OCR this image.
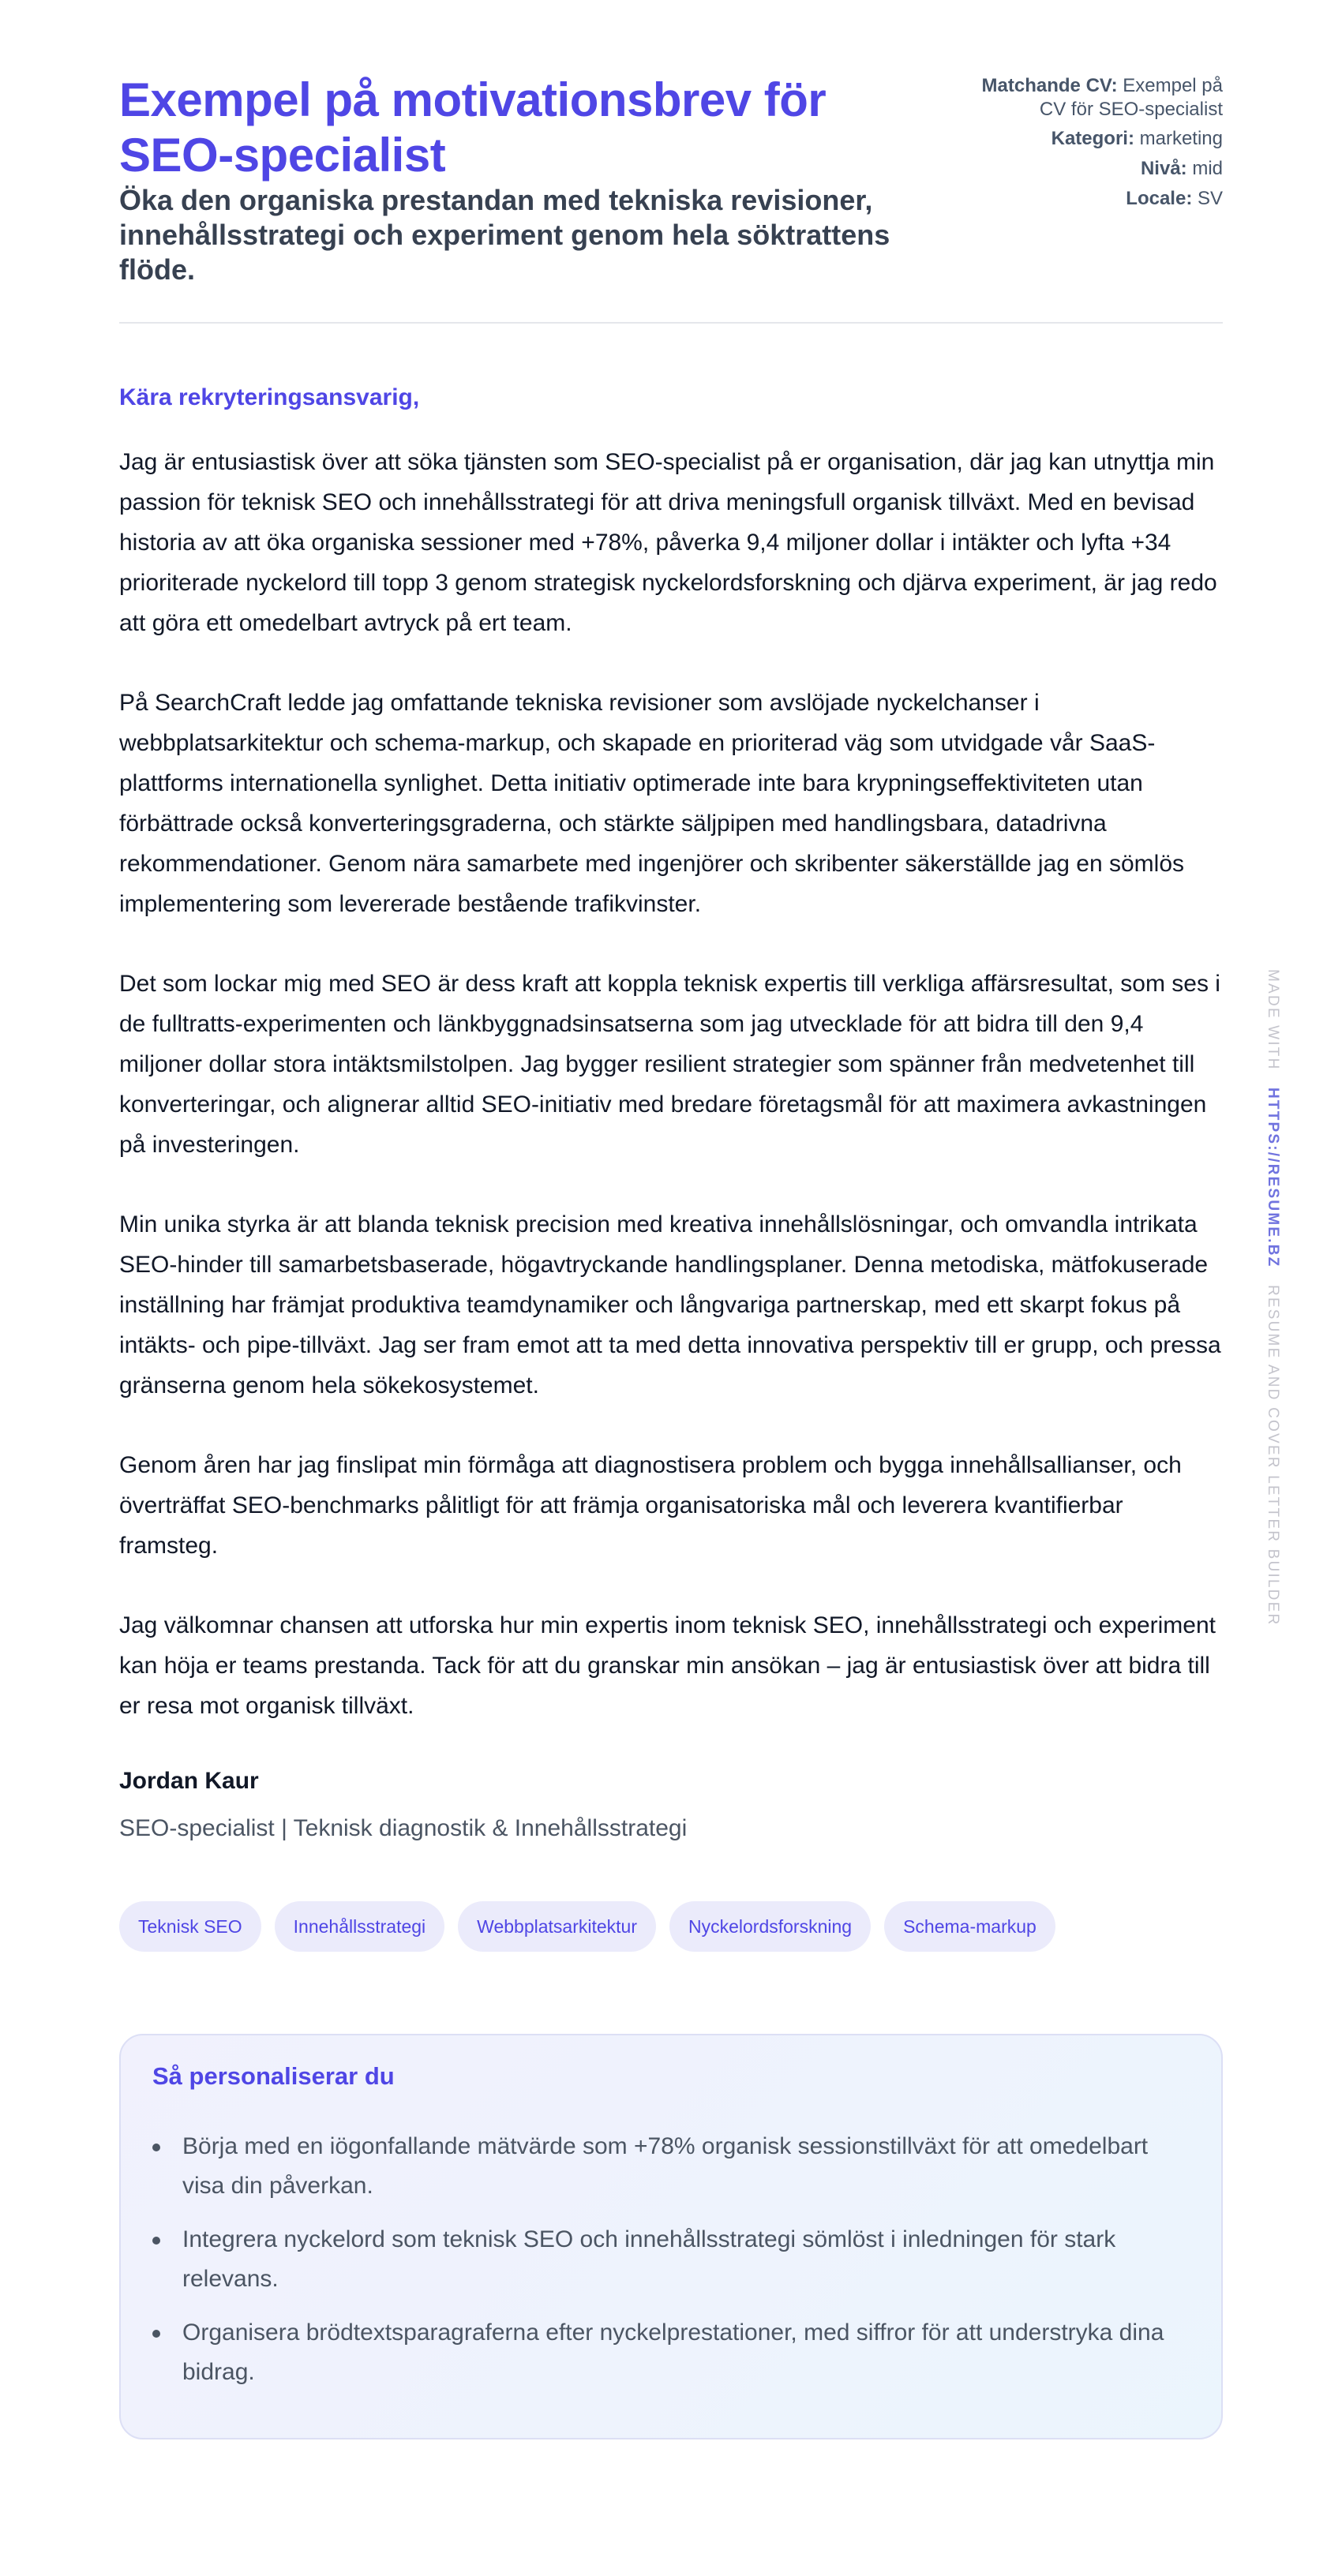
Exempel på motivationsbrev för SEO-specialist
Öka den organiska prestandan med tekniska revisioner, innehållsstrategi och experiment genom hela söktrattens flöde.
Matchande CV: Exempel på CV för SEO-specialist
Kategori: marketing
Nivå: mid
Locale: SV
Kära rekryteringsansvarig,

Jag är entusiastisk över att söka tjänsten som SEO-specialist på er organisation, där jag kan utnyttja min passion för teknisk SEO och innehållsstrategi för att driva meningsfull organisk tillväxt. Med en bevisad historia av att öka organiska sessioner med +78%, påverka 9,4 miljoner dollar i intäkter och lyfta +34 prioriterade nyckelord till topp 3 genom strategisk nyckelordsforskning och djärva experiment, är jag redo att göra ett omedelbart avtryck på ert team.

På SearchCraft ledde jag omfattande tekniska revisioner som avslöjade nyckelchanser i webbplatsarkitektur och schema-markup, och skapade en prioriterad väg som utvidgade vår SaaS-plattforms internationella synlighet. Detta initiativ optimerade inte bara krypningseffektiviteten utan förbättrade också konverteringsgraderna, och stärkte säljpipen med handlingsbara, datadrivna rekommendationer. Genom nära samarbete med ingenjörer och skribenter säkerställde jag en sömlös implementering som levererade bestående trafikvinster.

Det som lockar mig med SEO är dess kraft att koppla teknisk expertis till verkliga affärsresultat, som ses i de fulltratts-experimenten och länkbyggnadsinsatserna som jag utvecklade för att bidra till den 9,4 miljoner dollar stora intäktsmilstolpen. Jag bygger resilient strategier som spänner från medvetenhet till konverteringar, och alignerar alltid SEO-initiativ med bredare företagsmål för att maximera avkastningen på investeringen.

Min unika styrka är att blanda teknisk precision med kreativa innehållslösningar, och omvandla intrikata SEO-hinder till samarbetsbaserade, högavtryckande handlingsplaner. Denna metodiska, mätfokuserade inställning har främjat produktiva teamdynamiker och långvariga partnerskap, med ett skarpt fokus på intäkts- och pipe-tillväxt. Jag ser fram emot att ta med detta innovativa perspektiv till er grupp, och pressa gränserna genom hela sökekosystemet.

Genom åren har jag finslipat min förmåga att diagnostisera problem och bygga innehållsallianser, och överträffat SEO-benchmarks pålitligt för att främja organisatoriska mål och leverera kvantifierbar framsteg.

Jag välkomnar chansen att utforska hur min expertis inom teknisk SEO, innehållsstrategi och experiment kan höja er teams prestanda. Tack för att du granskar min ansökan – jag är entusiastisk över att bidra till er resa mot organisk tillväxt.

Jordan Kaur
SEO-specialist | Teknisk diagnostik & Innehållsstrategi
Teknisk SEO	Innehållsstrategi	Webbplatsarkitektur	Nyckelordsforskning	Schema-markup
Så personaliserar du
Börja med en iögonfallande mätvärde som +78% organisk sessionstillväxt för att omedelbart visa din påverkan.
Integrera nyckelord som teknisk SEO och innehållsstrategi sömlöst i inledningen för stark relevans.
Organisera brödtextsparagraferna efter nyckelprestationer, med siffror för att understryka dina bidrag.
MADE WITH HTTPS://RESUME.BZ RESUME AND COVER LETTER BUILDER
